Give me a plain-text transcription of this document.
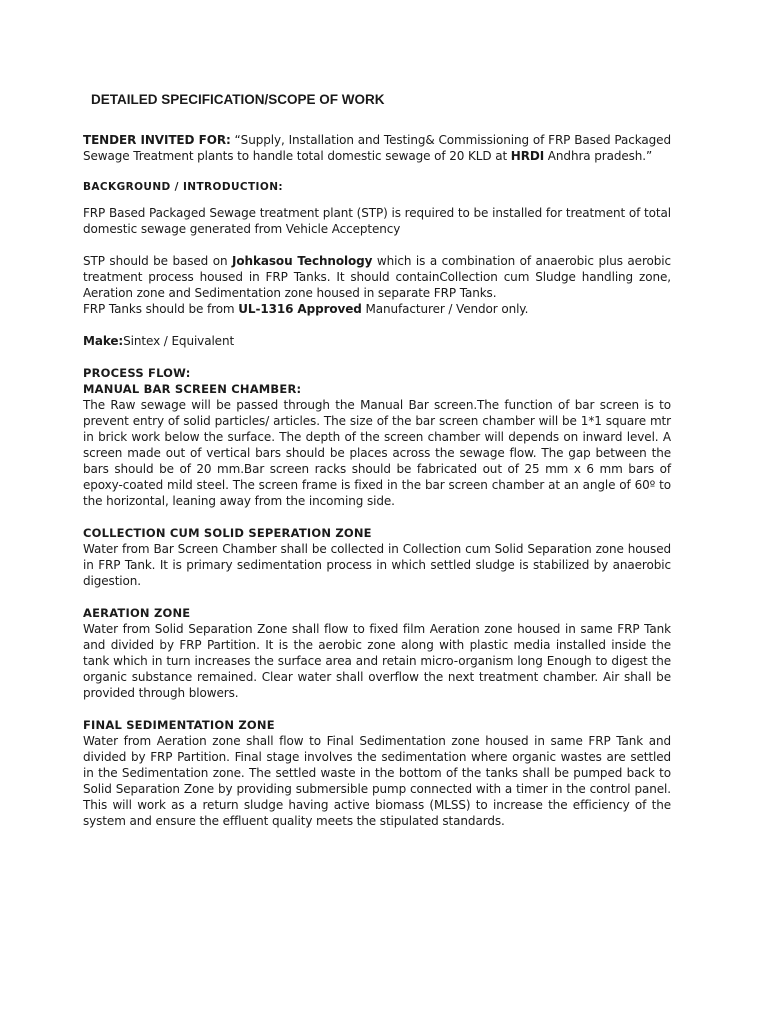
DETAILED SPECIFICATION/SCOPE OF WORK

TENDER INVITED FOR: “Supply, Installation and Testing& Commissioning of FRP Based Packaged Sewage Treatment plants to handle total domestic sewage of 20 KLD at HRDI Andhra pradesh.”

BACKGROUND / INTRODUCTION:

FRP Based Packaged Sewage treatment plant (STP) is required to be installed for treatment of total domestic sewage generated from Vehicle Acceptency

STP should be based on Johkasou Technology which is a combination of anaerobic plus aerobic treatment process housed in FRP Tanks. It should containCollection cum Sludge handling zone, Aeration zone and Sedimentation zone housed in separate FRP Tanks.

FRP Tanks should be from UL-1316 Approved Manufacturer / Vendor only.

Make:Sintex / Equivalent

PROCESS FLOW:

MANUAL BAR SCREEN CHAMBER:

The Raw sewage will be passed through the Manual Bar screen.The function of bar screen is to prevent entry of solid particles/ articles. The size of the bar screen chamber will be 1*1 square mtr in brick work below the surface. The depth of the screen chamber will depends on inward level. A screen made out of vertical bars should be places across the sewage flow. The gap between the bars should be of 20 mm.Bar screen racks should be fabricated out of 25 mm x 6 mm bars of epoxy-coated mild steel. The screen frame is fixed in the bar screen chamber at an angle of 60º to the horizontal, leaning away from the incoming side.

COLLECTION CUM SOLID SEPERATION ZONE

Water from Bar Screen Chamber shall be collected in Collection cum Solid Separation zone housed in FRP Tank. It is primary sedimentation process in which settled sludge is stabilized by anaerobic digestion.

AERATION ZONE

Water from Solid Separation Zone shall flow to fixed film Aeration zone housed in same FRP Tank and divided by FRP Partition. It is the aerobic zone along with plastic media installed inside the tank which in turn increases the surface area and retain micro-organism long Enough to digest the organic substance remained. Clear water shall overflow the next treatment chamber. Air shall be provided through blowers.

FINAL SEDIMENTATION ZONE

Water from Aeration zone shall flow to Final Sedimentation zone housed in same FRP Tank and divided by FRP Partition. Final stage involves the sedimentation where organic wastes are settled in the Sedimentation zone. The settled waste in the bottom of the tanks shall be pumped back to Solid Separation Zone by providing submersible pump connected with a timer in the control panel. This will work as a return sludge having active biomass (MLSS) to increase the efficiency of the system and ensure the effluent quality meets the stipulated standards.
